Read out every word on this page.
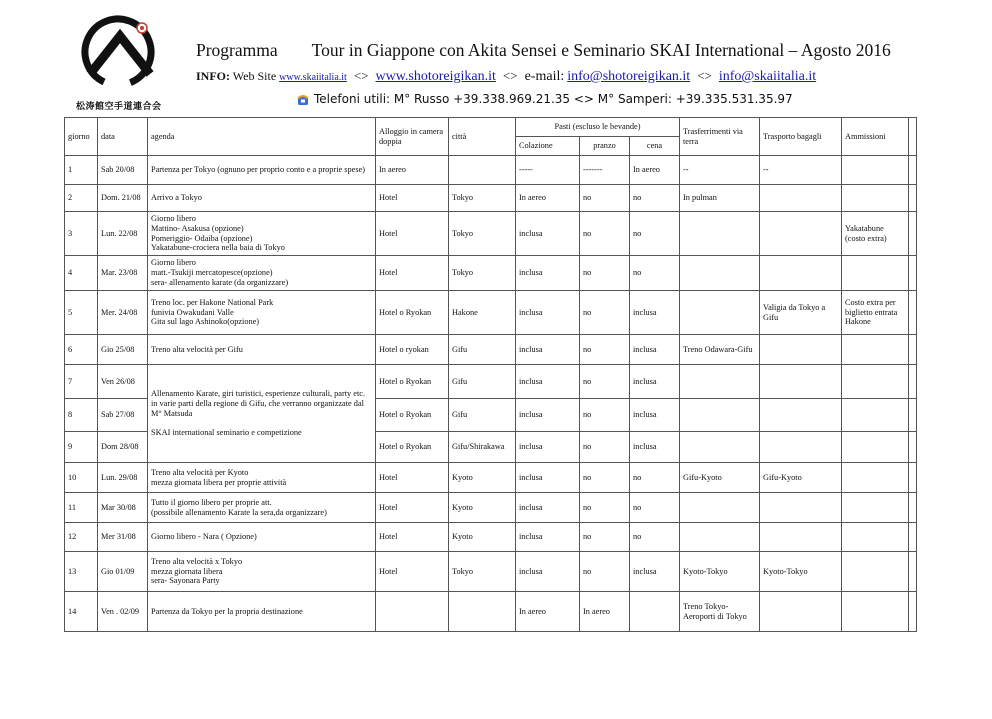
松涛館空手道連合会
Programma Tour in Giappone con Akita Sensei e Seminario SKAI International – Agosto 2016
INFO: Web Site www.skaiitalia.it <> www.shotoreigikan.it <> e-mail: info@shotoreigikan.it <> info@skaiitalia.it
Telefoni utili: M° Russo +39.338.969.21.35 <> M° Samperi: +39.335.531.35.97
giorno	data	agenda	Alloggio in camera doppia	città	Pasti (escluso le bevande)			Trasferrimenti via terra	Trasporto bagagli	Ammissioni	
					Colazione	pranzo	cena				
1	Sab 20/08	Partenza per Tokyo (ognuno per proprio conto e a proprie spese)	In aereo		-----	-------	In aereo	--	--		
2	Dom. 21/08	Arrivo a Tokyo	Hotel	Tokyo	In aereo	no	no	In pulman			
3	Lun. 22/08	Giorno libero
Mattino- Asakusa (opzione)
Pomeriggio- Odaiba (opzione)
Yakatabune-crociera nella baia di Tokyo	Hotel	Tokyo	inclusa	no	no			Yakatabune (costo extra)	
4	Mar. 23/08	Giorno libero
matt.-Tsukiji mercatopesce(opzione)
sera- allenamento karate (da organizzare)	Hotel	Tokyo	inclusa	no	no				
5	Mer. 24/08	Treno loc. per Hakone National Park
funivia Owakudani Valle
Gita sul lago Ashinoko(opzione)	Hotel o Ryokan	Hakone	inclusa	no	inclusa		Valigia da Tokyo a Gifu	Costo extra per biglietto entrata Hakone	
6	Gio 25/08	Treno alta velocità per Gifu	Hotel o ryokan	Gifu	inclusa	no	inclusa	Treno Odawara-Gifu			
7	Ven 26/08	Allenamento Karate, giri turistici, esperienze culturali, party etc. in varie parti della regione di Gifu, che verranno organizzate dal M° Matsuda

SKAI international seminario e competizione	Hotel o Ryokan	Gifu	inclusa	no	inclusa				
8	Sab 27/08		Hotel o Ryokan	Gifu	inclusa	no	inclusa				
9	Dom 28/08		Hotel o Ryokan	Gifu/Shirakawa	inclusa	no	inclusa				
10	Lun. 29/08	Treno alta velocità per Kyoto
mezza giornata libera per proprie attività	Hotel	Kyoto	inclusa	no	no	Gifu-Kyoto	Gifu-Kyoto		
11	Mar 30/08	Tutto il giorno libero per proprie att.
(possibile allenamento Karate la sera,da organizzare)	Hotel	Kyoto	inclusa	no	no				
12	Mer 31/08	Giorno libero - Nara ( Opzione)	Hotel	Kyoto	inclusa	no	no				
13	Gio 01/09	Treno alta velocità x Tokyo
mezza giornata libera
sera- Sayonara Party	Hotel	Tokyo	inclusa	no	inclusa	Kyoto-Tokyo	Kyoto-Tokyo		
14	Ven . 02/09	Partenza da Tokyo per la propria destinazione			In aereo	In aereo		Treno Tokyo-Aeroporti di Tokyo			
